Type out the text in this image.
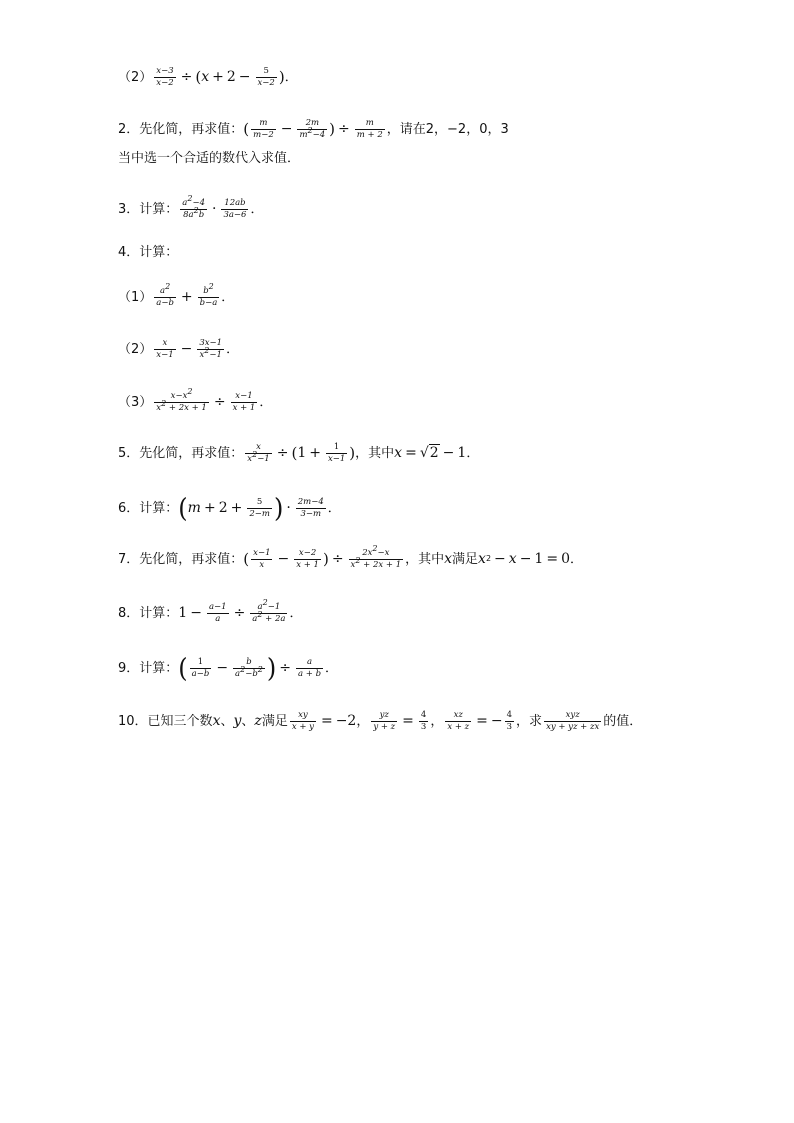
$(2) \frac{x-3}{x-2}$ ÷ ( $x + 2 - \frac{5}{x-2}$ ) ．
2． 先化简，再求值： ( $\frac{m}{m-2} - \frac{2m}{m^2-4}$ ) ÷ $\frac{m}{m + 2}$ ，请在2，−2，0，3
当中选一个合适的数代入求值．
3． 计算： $\frac{a^2-4}{8a^2b} \cdot \frac{12ab}{3a-6}$ ．
4． 计算：
$(1) \frac{a^2}{a-b} + \frac{b^2}{b-a}$ ．
$(2) \frac{x}{x-1} - \frac{3x-1}{x^2-1}$ ．
$(3) \frac{x-x^2}{x^2 + 2x + 1} \div \frac{x-1}{x + 1}$ ．
5． 先化简，再求值： $\frac{x}{x^2-1}$ ÷ ( $1 + \frac{1}{x-1}$ ) ，其中 x = √2 − 1 ．
6． 计算： ( $m + 2 + \frac{5}{2-m}$ ) · $\frac{2m-4}{3-m}$ ．
7． 先化简，再求值： ( $\frac{x-1}{x} - \frac{x-2}{x + 1}$ ) ÷ $\frac{2x^2-x}{x^2 + 2x + 1}$ ，其中 x 满足 x 2 − x − 1 = 0 ．
8． 计算： $1 - \frac{a-1}{a} \div \frac{a^2-1}{a^2 + 2a}$ ．
9． 计算： ( $\frac{1}{a-b} - \frac{b}{a^2-b^2}$ ) ÷ $\frac{a}{a + b}$ ．
10． 已知三个数 x 、 y 、 z 满足 $\frac{xy}{x + y} = -2$ ， $\frac{yz}{y + z} = \frac{4}{3}$ ， $\frac{xz}{x + z}$ = − $\frac{4}{3}$ ， 求 $\frac{\text{xyz}}{xy + yz + zx}$ 的值．
